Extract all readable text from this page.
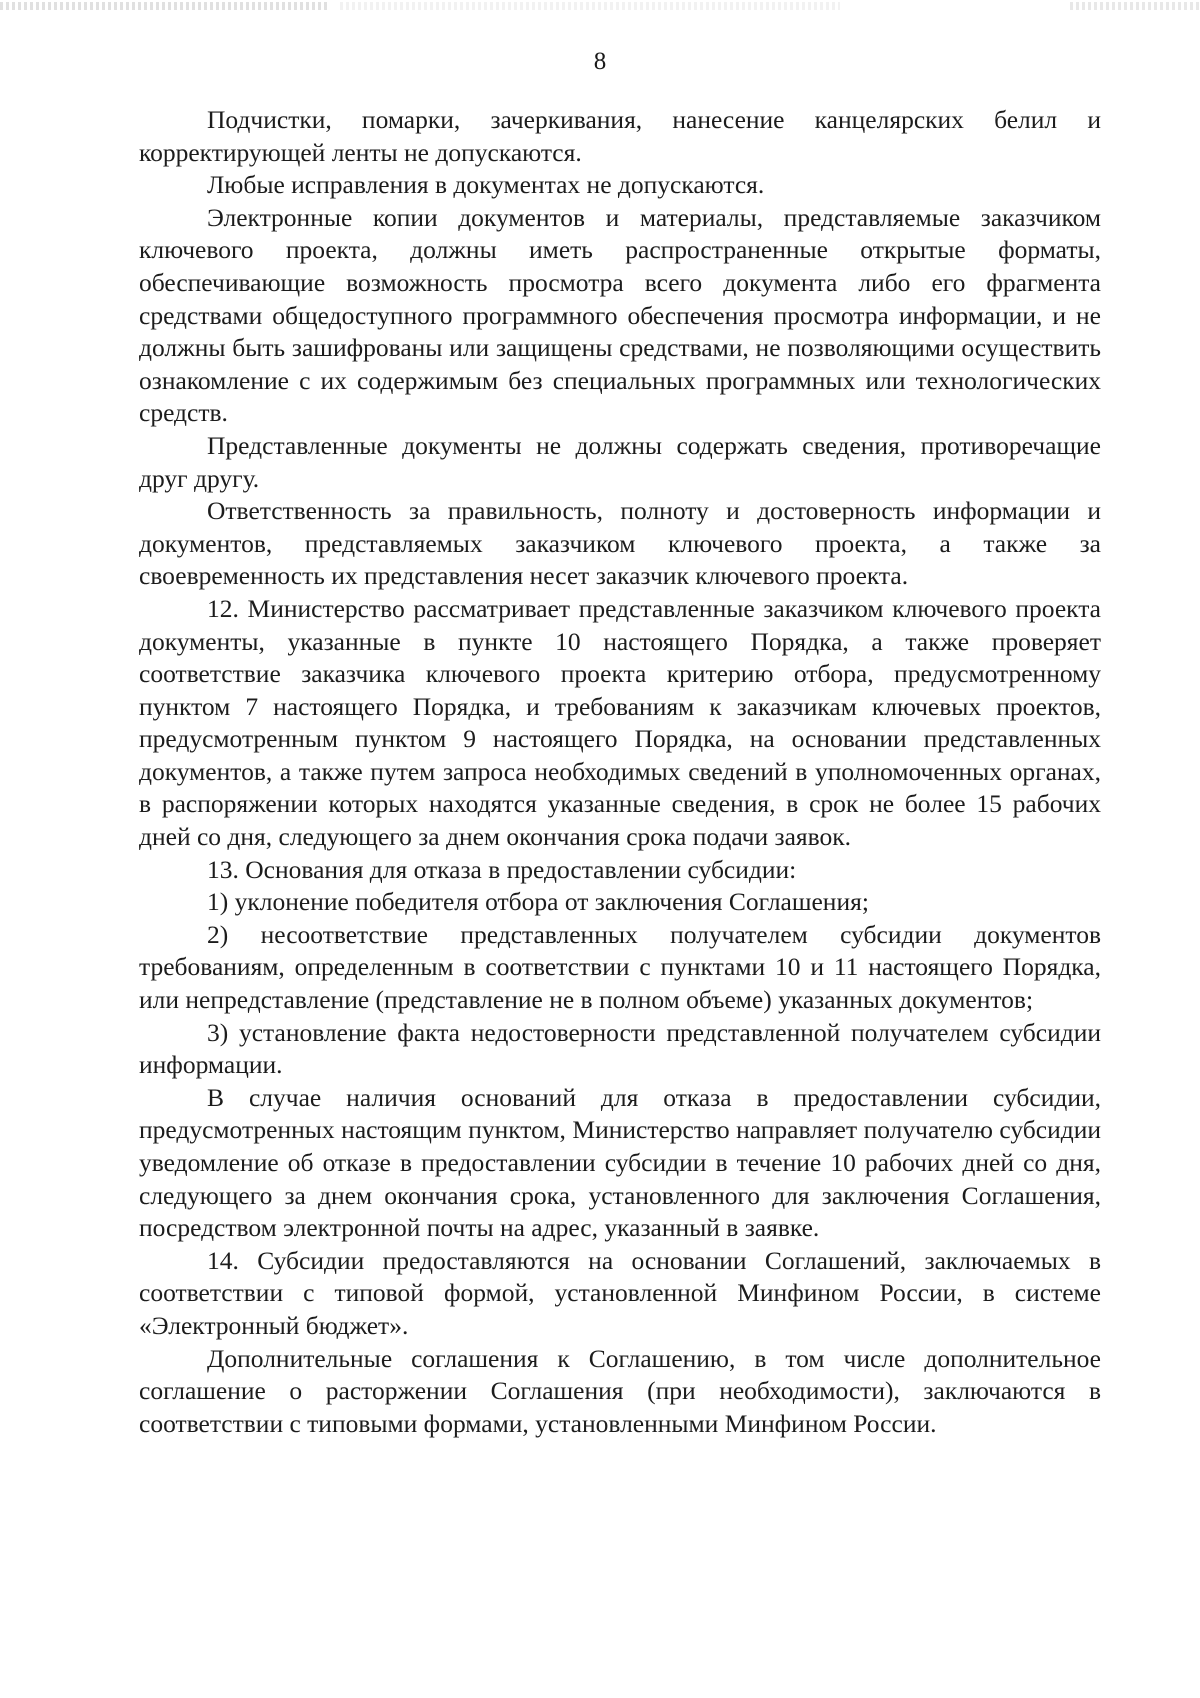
8

Подчистки, помарки, зачеркивания, нанесение канцелярских белил и корректирующей ленты не допускаются.

Любые исправления в документах не допускаются.

Электронные копии документов и материалы, представляемые заказчиком ключевого проекта, должны иметь распространенные открытые форматы, обеспечивающие возможность просмотра всего документа либо его фрагмента средствами общедоступного программного обеспечения просмотра информации, и не должны быть зашифрованы или защищены средствами, не позволяющими осуществить ознакомление с их содержимым без специальных программных или технологических средств.

Представленные документы не должны содержать сведения, противоречащие друг другу.

Ответственность за правильность, полноту и достоверность информации и документов, представляемых заказчиком ключевого проекта, а также за своевременность их представления несет заказчик ключевого проекта.

12. Министерство рассматривает представленные заказчиком ключевого проекта документы, указанные в пункте 10 настоящего Порядка, а также проверяет соответствие заказчика ключевого проекта критерию отбора, предусмотренному пунктом 7 настоящего Порядка, и требованиям к заказчикам ключевых проектов, предусмотренным пунктом 9 настоящего Порядка, на основании представленных документов, а также путем запроса необходимых сведений в уполномоченных органах, в распоряжении которых находятся указанные сведения, в срок не более 15 рабочих дней со дня, следующего за днем окончания срока подачи заявок.

13. Основания для отказа в предоставлении субсидии:

1) уклонение победителя отбора от заключения Соглашения;

2) несоответствие представленных получателем субсидии документов требованиям, определенным в соответствии с пунктами 10 и 11 настоящего Порядка, или непредставление (представление не в полном объеме) указанных документов;

3) установление факта недостоверности представленной получателем субсидии информации.

В случае наличия оснований для отказа в предоставлении субсидии, предусмотренных настоящим пунктом, Министерство направляет получателю субсидии уведомление об отказе в предоставлении субсидии в течение 10 рабочих дней со дня, следующего за днем окончания срока, установленного для заключения Соглашения, посредством электронной почты на адрес, указанный в заявке.

14. Субсидии предоставляются на основании Соглашений, заключаемых в соответствии с типовой формой, установленной Минфином России, в системе «Электронный бюджет».

Дополнительные соглашения к Соглашению, в том числе дополнительное соглашение о расторжении Соглашения (при необходимости), заключаются в соответствии с типовыми формами, установленными Минфином России.
